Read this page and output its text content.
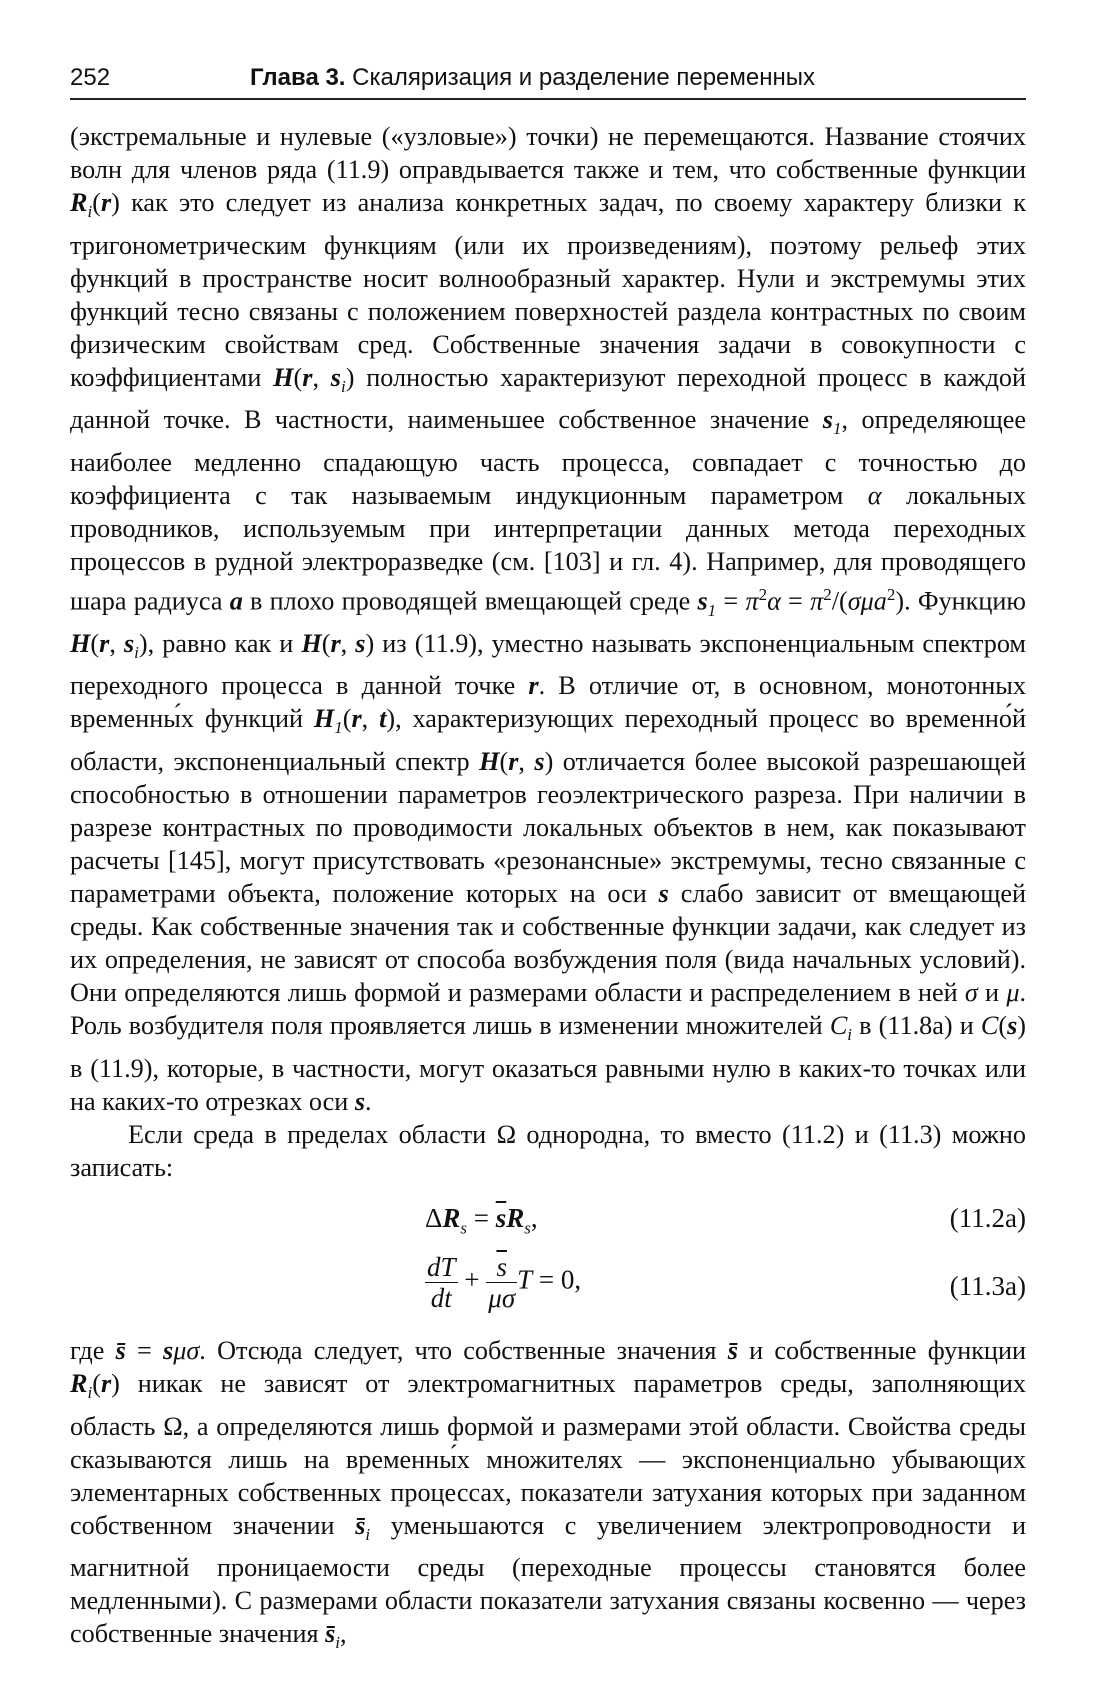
252	Глава 3. Скаляризация и разделение переменных

(экстремальные и нулевые («узловые») точки) не перемещаются. Название стоячих волн для членов ряда (11.9) оправдывается также и тем, что собственные функции $R_i(r)$ как это следует из анализа конкретных задач, по своему характеру близки к тригонометрическим функциям (или их произведениям), поэтому рельеф этих функций в пространстве носит волнообразный характер. Нули и экстремумы этих функций тесно связаны с положением поверхностей раздела контрастных по своим физическим свойствам сред. Собственные значения задачи в совокупности с коэффициентами H(r, $s_i$) полностью характеризуют переходной процесс в каждой данной точке. В частности, наименьшее собственное значение $s_1$, определяющее наиболее медленно спадающую часть процесса, совпадает с точностью до коэффициента с так называемым индукционным параметром α локальных проводников, используемым при интерпретации данных метода переходных процессов в рудной электроразведке (см. [103] и гл. 4). Например, для проводящего шара радиуса a в плохо проводящей вмещающей среде $s_1 = \pi^2\alpha = \pi^2/(\sigma\mu a^2)$. Функцию H(r, $s_i$), равно как и H(r, s) из (11.9), уместно называть экспоненциальным спектром переходного процесса в данной точке r. В отличие от, в основном, монотонных временны́х функций $H_1(r$, t), характеризующих переходный процесс во временно́й области, экспоненциальный спектр H(r, s) отличается более высокой разрешающей способностью в отношении параметров геоэлектрического разреза. При наличии в разрезе контрастных по проводимости локальных объектов в нем, как показывают расчеты [145], могут присутствовать «резонансные» экстремумы, тесно связанные с параметрами объекта, положение которых на оси s слабо зависит от вмещающей среды. Как собственные значения так и собственные функции задачи, как следует из их определения, не зависят от способа возбуждения поля (вида начальных условий). Они определяются лишь формой и размерами области и распределением в ней σ и μ. Роль возбудителя поля проявляется лишь в изменении множителей $C_i$ в (11.8а) и C(s) в (11.9), которые, в частности, могут оказаться равными нулю в каких-то точках или на каких-то отрезках оси s.

Если среда в пределах области Ω однородна, то вместо (11.2) и (11.3) можно записать:

$\Delta R_s = \overline{s}R_s$,	(11.2a)
$\frac{dT}{dt} + \frac{\overline{s}}{\mu\sigma}$ T = 0,	(11.3a)

где s̄ = sμσ. Отсюда следует, что собственные значения s̄ и собственные функции $R_i(r)$ никак не зависят от электромагнитных параметров среды, заполняющих область Ω, а определяются лишь формой и размерами этой области. Свойства среды сказываются лишь на временны́х множителях — экспоненциально убывающих элементарных собственных процессах, показатели затухания которых при заданном собственном значении $s̄_i$ уменьшаются с увеличением электропроводности и магнитной проницаемости среды (переходные процессы становятся более медленными). С размерами области показатели затухания связаны косвенно — через собственные значения $s̄_i$,
